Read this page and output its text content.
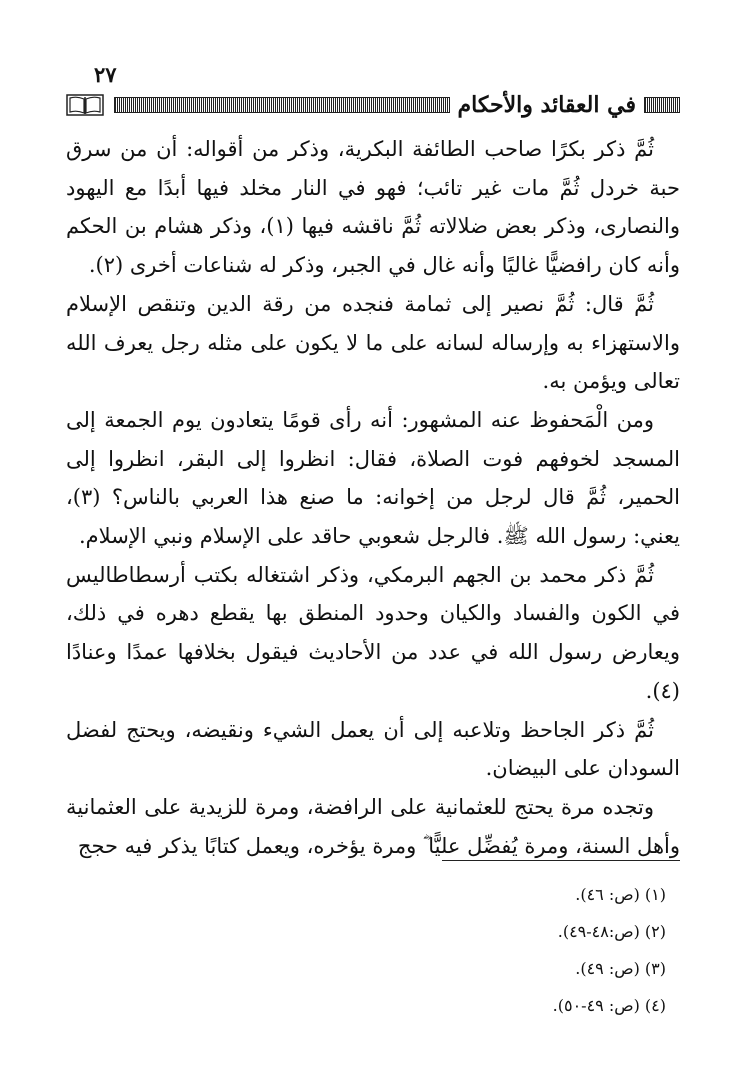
٢٧
في العقائد والأحكام

ثُمَّ ذكر بكرًا صاحب الطائفة البكرية، وذكر من أقواله: أن من سرق حبة خردل ثُمَّ مات غير تائب؛ فهو في النار مخلد فيها أبدًا مع اليهود والنصارى، وذكر بعض ضلالاته ثُمَّ ناقشه فيها (١)، وذكر هشام بن الحكم وأنه كان رافضيًّا غاليًا وأنه غال في الجبر، وذكر له شناعات أخرى (٢).

ثُمَّ قال: ثُمَّ نصير إلى ثمامة فنجده من رقة الدين وتنقص الإسلام والاستهزاء به وإرساله لسانه على ما لا يكون على مثله رجل يعرف الله تعالى ويؤمن به.

ومن الْمَحفوظ عنه المشهور: أنه رأى قومًا يتعادون يوم الجمعة إلى المسجد لخوفهم فوت الصلاة، فقال: انظروا إلى البقر، انظروا إلى الحمير، ثُمَّ قال لرجل من إخوانه: ما صنع هذا العربي بالناس؟ (٣)، يعني: رسول الله ﷺ. فالرجل شعوبي حاقد على الإسلام ونبي الإسلام.

ثُمَّ ذكر محمد بن الجهم البرمكي، وذكر اشتغاله بكتب أرسطاطاليس في الكون والفساد والكيان وحدود المنطق بها يقطع دهره في ذلك، ويعارض رسول الله في عدد من الأحاديث فيقول بخلافها عمدًا وعنادًا (٤).

ثُمَّ ذكر الجاحظ وتلاعبه إلى أن يعمل الشيء ونقيضه، ويحتج لفضل السودان على البيضان.

وتجده مرة يحتج للعثمانية على الرافضة، ومرة للزيدية على العثمانية وأهل السنة، ومرة يُفضِّل عليًّا ؓ ومرة يؤخره، ويعمل كتابًا يذكر فيه حجج

(١) (ص: ٤٦).
(٢) (ص:٤٨-٤٩).
(٣) (ص: ٤٩).
(٤) (ص: ٤٩-٥٠).
